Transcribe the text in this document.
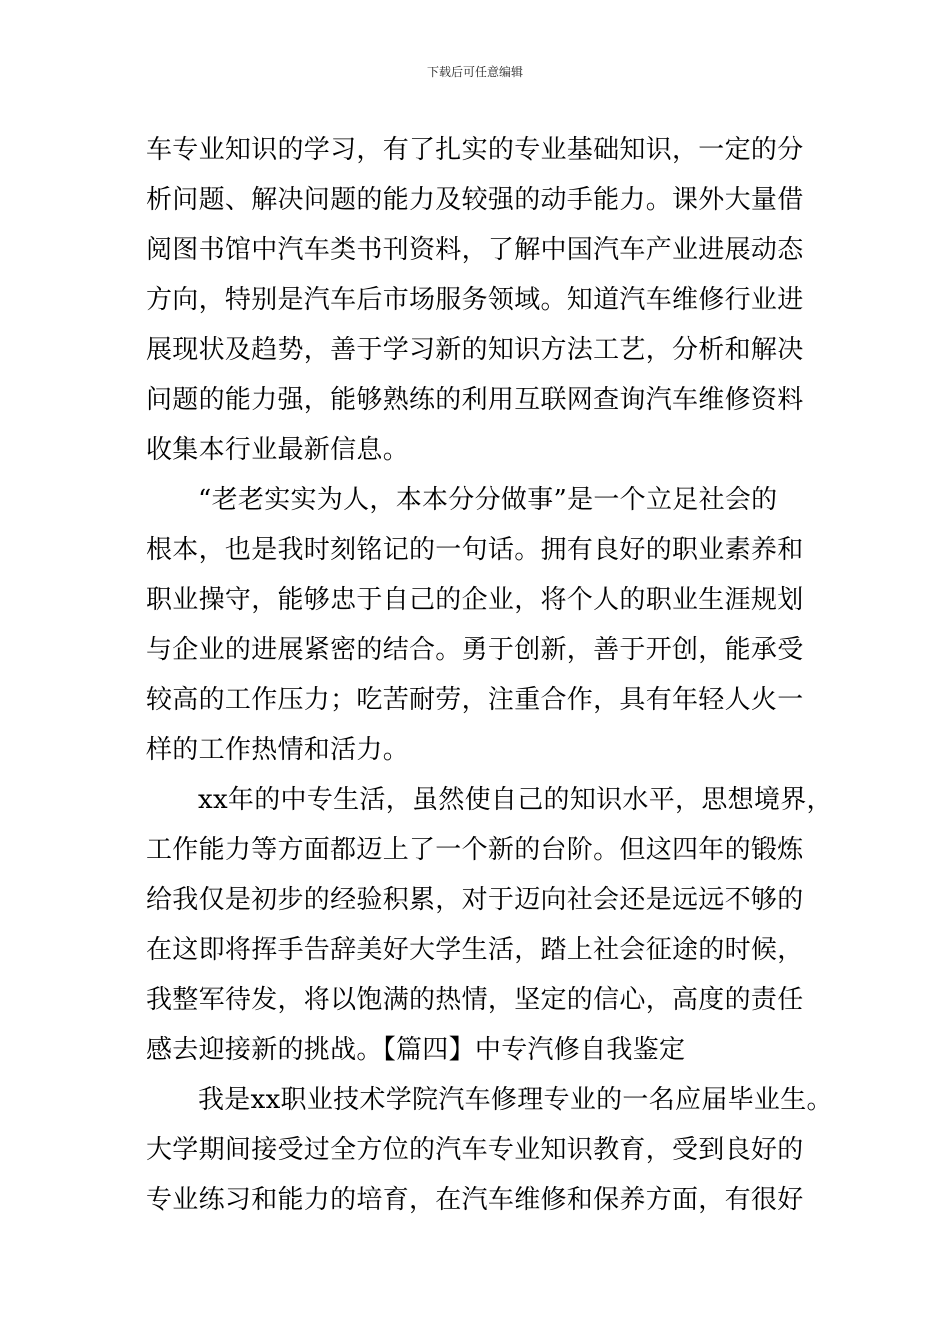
下载后可任意编辑
车专业知识的学习，有了扎实的专业基础知识，一定的分
析问题、解决问题的能力及较强的动手能力。课外大量借
阅图书馆中汽车类书刊资料，了解中国汽车产业进展动态
方向，特别是汽车后市场服务领域。知道汽车维修行业进
展现状及趋势，善于学习新的知识方法工艺，分析和解决
问题的能力强，能够熟练的利用互联网查询汽车维修资料
收集本行业最新信息。
“老老实实为人，本本分分做事”是一个立足社会的
根本，也是我时刻铭记的一句话。拥有良好的职业素养和
职业操守，能够忠于自己的企业，将个人的职业生涯规划
与企业的进展紧密的结合。勇于创新，善于开创，能承受
较高的工作压力；吃苦耐劳，注重合作，具有年轻人火一
样的工作热情和活力。
xx年的中专生活，虽然使自己的知识水平，思想境界，
工作能力等方面都迈上了一个新的台阶。但这四年的锻炼
给我仅是初步的经验积累，对于迈向社会还是远远不够的
在这即将挥手告辞美好大学生活，踏上社会征途的时候，
我整军待发，将以饱满的热情，坚定的信心，高度的责任
感去迎接新的挑战。【篇四】中专汽修自我鉴定
我是xx职业技术学院汽车修理专业的一名应届毕业生。
大学期间接受过全方位的汽车专业知识教育，受到良好的
专业练习和能力的培育，在汽车维修和保养方面，有很好
